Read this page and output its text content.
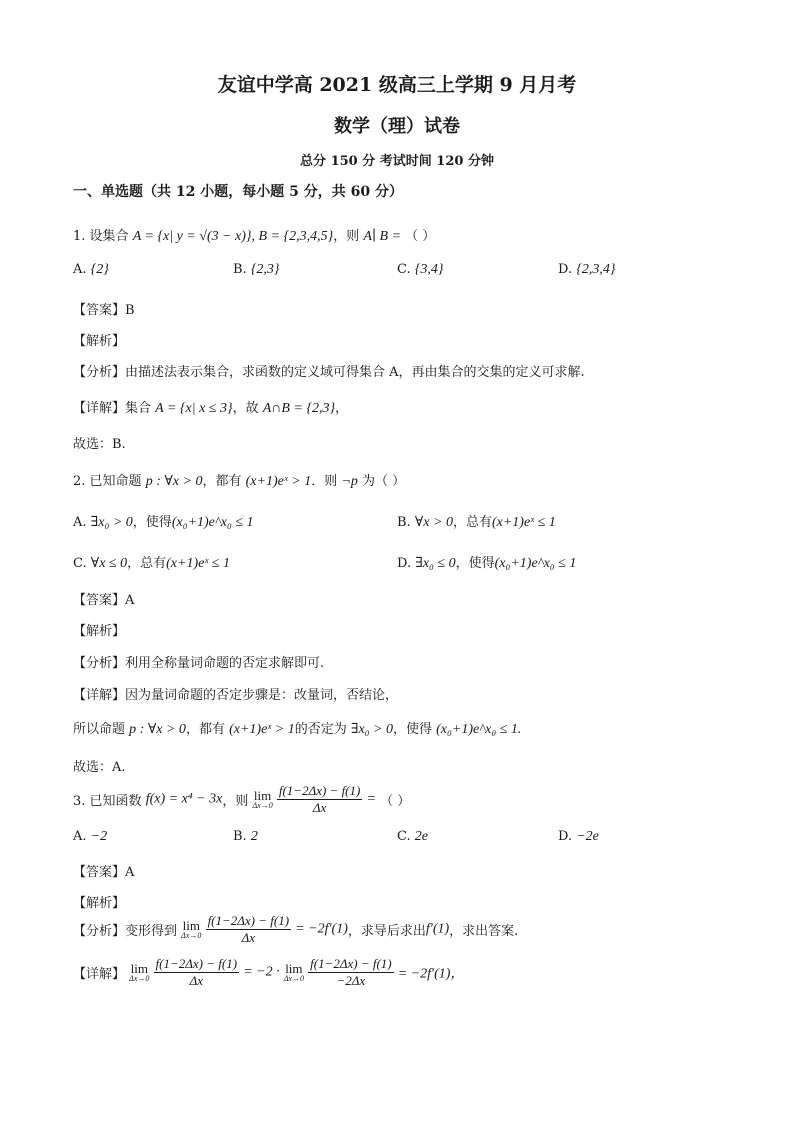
友谊中学高 2021 级高三上学期 9 月月考
数学（理）试卷
总分 150 分 考试时间 120 分钟
一、单选题（共 12 小题，每小题 5 分，共 60 分）
1. 设集合 A = {x| y = √(3 − x)}, B = {2,3,4,5}，则 A∣ B = （ ）
A. {2}	B. {2,3}	C. {3,4}	D. {2,3,4}
【答案】B
【解析】
【分析】由描述法表示集合，求函数的定义域可得集合 A，再由集合的交集的定义可求解.
【详解】集合 A = {x| x ≤ 3}，故 A∩B = {2,3}，
故选：B.
2. 已知命题 p : ∀x > 0，都有 (x+1)eˣ > 1．则 ¬p 为（ ）
A. ∃x₀ > 0，使得(x₀+1)e^x₀ ≤ 1	B. ∀x > 0，总有(x+1)eˣ ≤ 1
C. ∀x ≤ 0，总有(x+1)eˣ ≤ 1	D. ∃x₀ ≤ 0，使得(x₀+1)e^x₀ ≤ 1
【答案】A
【解析】
【分析】利用全称量词命题的否定求解即可.
【详解】因为量词命题的否定步骤是：改量词，否结论，
所以命题 p : ∀x > 0，都有 (x+1)eˣ > 1的否定为 ∃x₀ > 0，使得 (x₀+1)e^x₀ ≤ 1.
故选：A.
3. 已知函数 f(x) = x⁴ − 3x，则 lim
Δx→0
$\frac{f(1-2\Delta x) - f(1)}{\Delta x}$ = （ ）
A. −2	B. 2	C. 2e	D. −2e
【答案】A
【解析】
【分析】变形得到 lim
Δx→0
$\frac{f(1-2\Delta x) - f(1)}{\Delta x} = -2f'(1)$，求导后求出f′(1)，求出答案.
【详解】 lim
Δx→0
$\frac{f(1-2\Delta x) - f(1)}{\Delta x} = -2 \cdot \lim$
Δx→0
$\frac{f(1-2\Delta x) - f(1)}{-2\Delta x} = -2f'(1)$，
